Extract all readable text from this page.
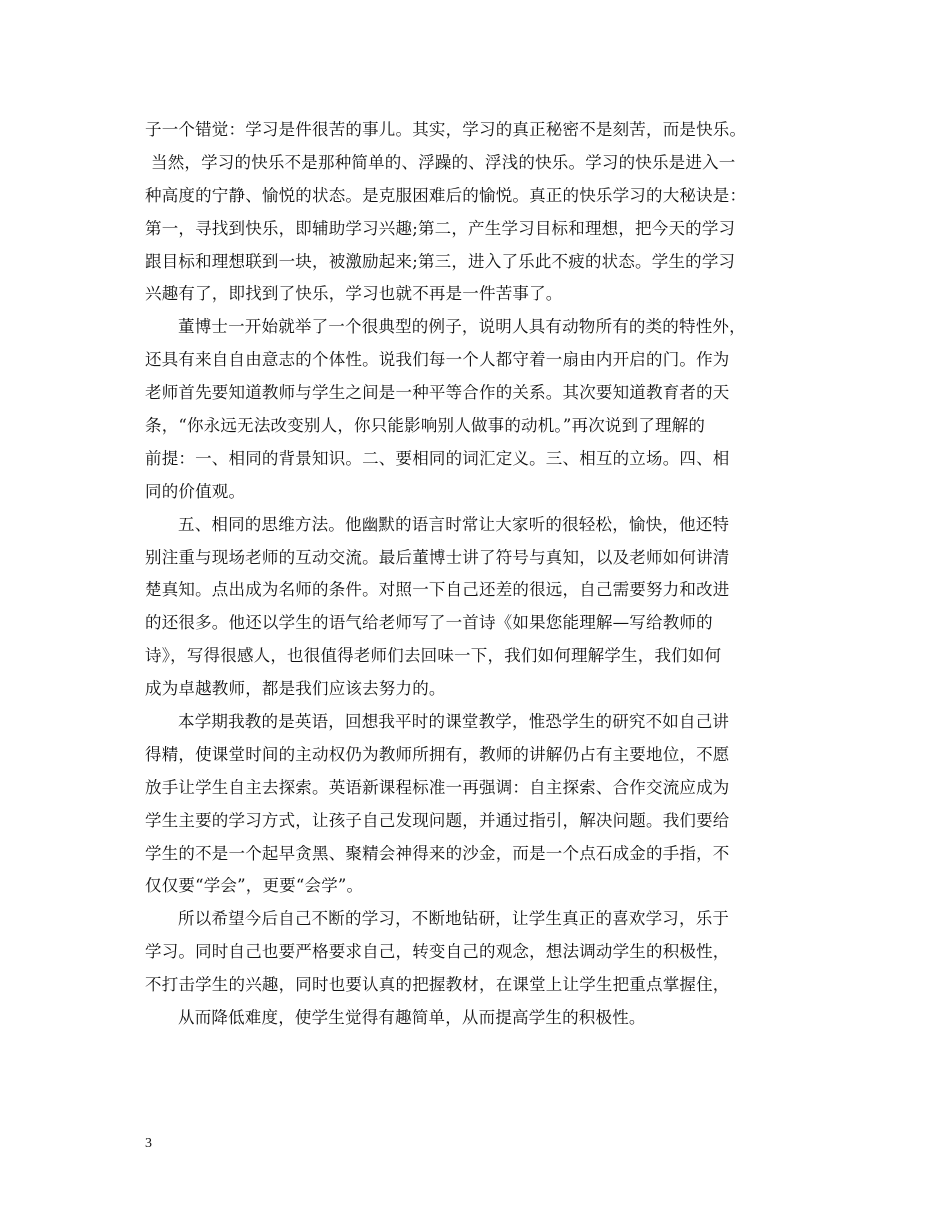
子一个错觉：学习是件很苦的事儿。其实，学习的真正秘密不是刻苦，而是快乐。
当然，学习的快乐不是那种简单的、浮躁的、浮浅的快乐。学习的快乐是进入一
种高度的宁静、愉悦的状态。是克服困难后的愉悦。真正的快乐学习的大秘诀是：
第一，寻找到快乐，即辅助学习兴趣;第二，产生学习目标和理想，把今天的学习
跟目标和理想联到一块，被激励起来;第三，进入了乐此不疲的状态。学生的学习
兴趣有了，即找到了快乐，学习也就不再是一件苦事了。
董博士一开始就举了一个很典型的例子，说明人具有动物所有的类的特性外，
还具有来自自由意志的个体性。说我们每一个人都守着一扇由内开启的门。作为
老师首先要知道教师与学生之间是一种平等合作的关系。其次要知道教育者的天
条，“你永远无法改变别人，你只能影响别人做事的动机。”再次说到了理解的
前提：一、相同的背景知识。二、要相同的词汇定义。三、相互的立场。四、相
同的价值观。
五、相同的思维方法。他幽默的语言时常让大家听的很轻松，愉快，他还特
别注重与现场老师的互动交流。最后董博士讲了符号与真知，以及老师如何讲清
楚真知。点出成为名师的条件。对照一下自己还差的很远，自己需要努力和改进
的还很多。他还以学生的语气给老师写了一首诗《如果您能理解—写给教师的
诗》，写得很感人，也很值得老师们去回味一下，我们如何理解学生，我们如何
成为卓越教师，都是我们应该去努力的。
本学期我教的是英语，回想我平时的课堂教学，惟恐学生的研究不如自己讲
得精，使课堂时间的主动权仍为教师所拥有，教师的讲解仍占有主要地位，不愿
放手让学生自主去探索。英语新课程标准一再强调：自主探索、合作交流应成为
学生主要的学习方式，让孩子自己发现问题，并通过指引，解决问题。我们要给
学生的不是一个起早贪黑、聚精会神得来的沙金，而是一个点石成金的手指，不
仅仅要“学会”，更要“会学”。
所以希望今后自己不断的学习，不断地钻研，让学生真正的喜欢学习，乐于
学习。同时自己也要严格要求自己，转变自己的观念，想法调动学生的积极性，
不打击学生的兴趣，同时也要认真的把握教材，在课堂上让学生把重点掌握住，
从而降低难度，使学生觉得有趣简单，从而提高学生的积极性。
3
